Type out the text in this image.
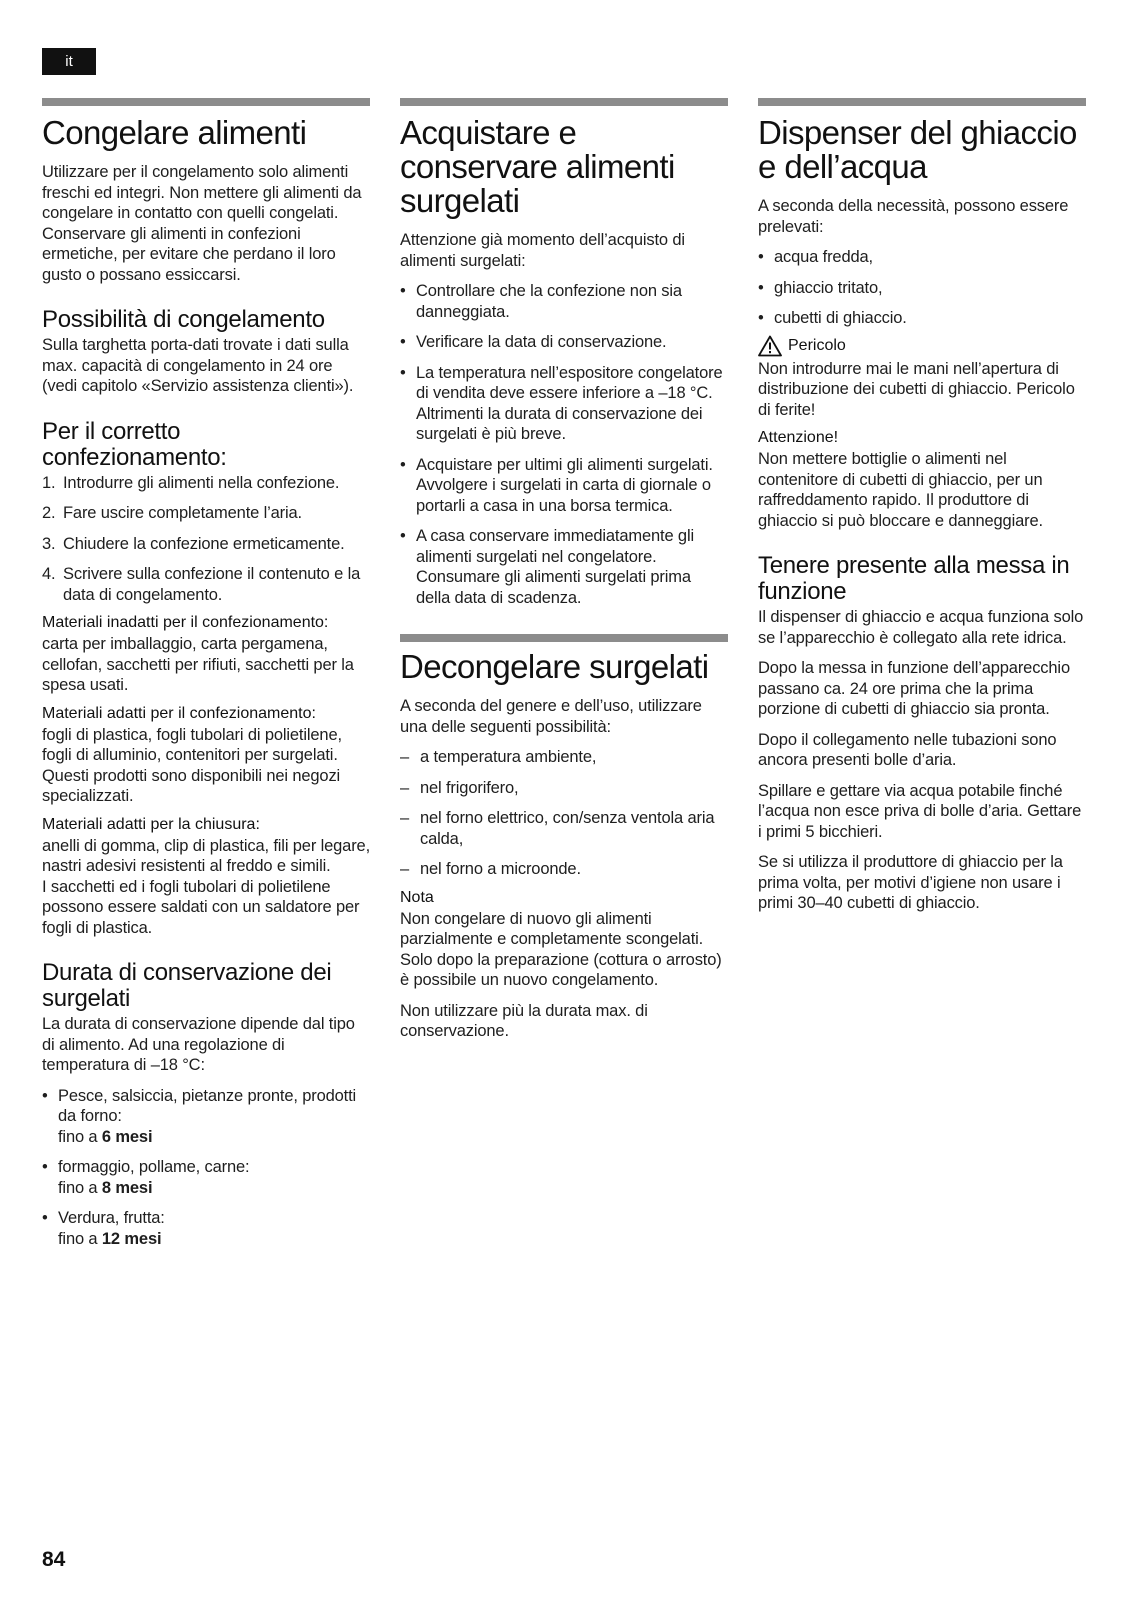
it
Congelare alimenti

Utilizzare per il congelamento solo alimenti freschi ed integri. Non mettere gli alimenti da congelare in contatto con quelli congelati. Conservare gli alimenti in confezioni ermetiche, per evitare che perdano il loro gusto o possano essiccarsi.

Possibilità di congelamento

Sulla targhetta porta-dati trovate i dati sulla max. capacità di congelamento in 24 ore (vedi capitolo «Servizio assistenza clienti»).

Per il corretto confezionamento:
1. Introdurre gli alimenti nella confezione.
2. Fare uscire completamente l’aria.
3. Chiudere la confezione ermeticamente.
4. Scrivere sulla confezione il contenuto e la data di congelamento.
Materiali inadatti per il confezionamento:

carta per imballaggio, carta pergamena, cellofan, sacchetti per rifiuti, sacchetti per la spesa usati.

Materiali adatti per il confezionamento:

fogli di plastica, fogli tubolari di polietilene, fogli di alluminio, contenitori per surgelati.

Questi prodotti sono disponibili nei negozi specializzati.

Materiali adatti per la chiusura:

anelli di gomma, clip di plastica, fili per legare, nastri adesivi resistenti al freddo e simili.

I sacchetti ed i fogli tubolari di polietilene possono essere saldati con un saldatore per fogli di plastica.

Durata di conservazione dei surgelati

La durata di conservazione dipende dal tipo di alimento. Ad una regolazione di temperatura di –18 °C:

• Pesce, salsiccia, pietanze pronte, prodotti da forno:
fino a 6 mesi
• formaggio, pollame, carne:
fino a 8 mesi
• Verdura, frutta:
fino a 12 mesi
Acquistare e conservare alimenti surgelati

Attenzione già momento dell’acquisto di alimenti surgelati:

• Controllare che la confezione non sia danneggiata.
• Verificare la data di conservazione.
• La temperatura nell’espositore congelatore di vendita deve essere inferiore a –18 °C. Altrimenti la durata di conservazione dei surgelati è più breve.
• Acquistare per ultimi gli alimenti surgelati. Avvolgere i surgelati in carta di giornale o portarli a casa in una borsa termica.
• A casa conservare immediatamente gli alimenti surgelati nel congelatore. Consumare gli alimenti surgelati prima della data di scadenza.
Decongelare surgelati

A seconda del genere e dell’uso, utilizzare una delle seguenti possibilità:

– a temperatura ambiente,
– nel frigorifero,
– nel forno elettrico, con/senza ventola aria calda,
– nel forno a microonde.
Nota

Non congelare di nuovo gli alimenti parzialmente e completamente scongelati. Solo dopo la preparazione (cottura o arrosto) è possibile un nuovo congelamento.

Non utilizzare più la durata max. di conservazione.

Dispenser del ghiaccio e dell’acqua

A seconda della necessità, possono essere prelevati:

• acqua fredda,
• ghiaccio tritato,
• cubetti di ghiaccio.
Pericolo

Non introdurre mai le mani nell’apertura di distribuzione dei cubetti di ghiaccio. Pericolo di ferite!

Attenzione!

Non mettere bottiglie o alimenti nel contenitore di cubetti di ghiaccio, per un raffreddamento rapido. Il produttore di ghiaccio si può bloccare e danneggiare.

Tenere presente alla messa in funzione

Il dispenser di ghiaccio e acqua funziona solo se l’apparecchio è collegato alla rete idrica.

Dopo la messa in funzione dell’apparecchio passano ca. 24 ore prima che la prima porzione di cubetti di ghiaccio sia pronta.

Dopo il collegamento nelle tubazioni sono ancora presenti bolle d’aria.

Spillare e gettare via acqua potabile finché l’acqua non esce priva di bolle d’aria. Gettare i primi 5 bicchieri.

Se si utilizza il produttore di ghiaccio per la prima volta, per motivi d’igiene non usare i primi 30–40 cubetti di ghiaccio.

84
